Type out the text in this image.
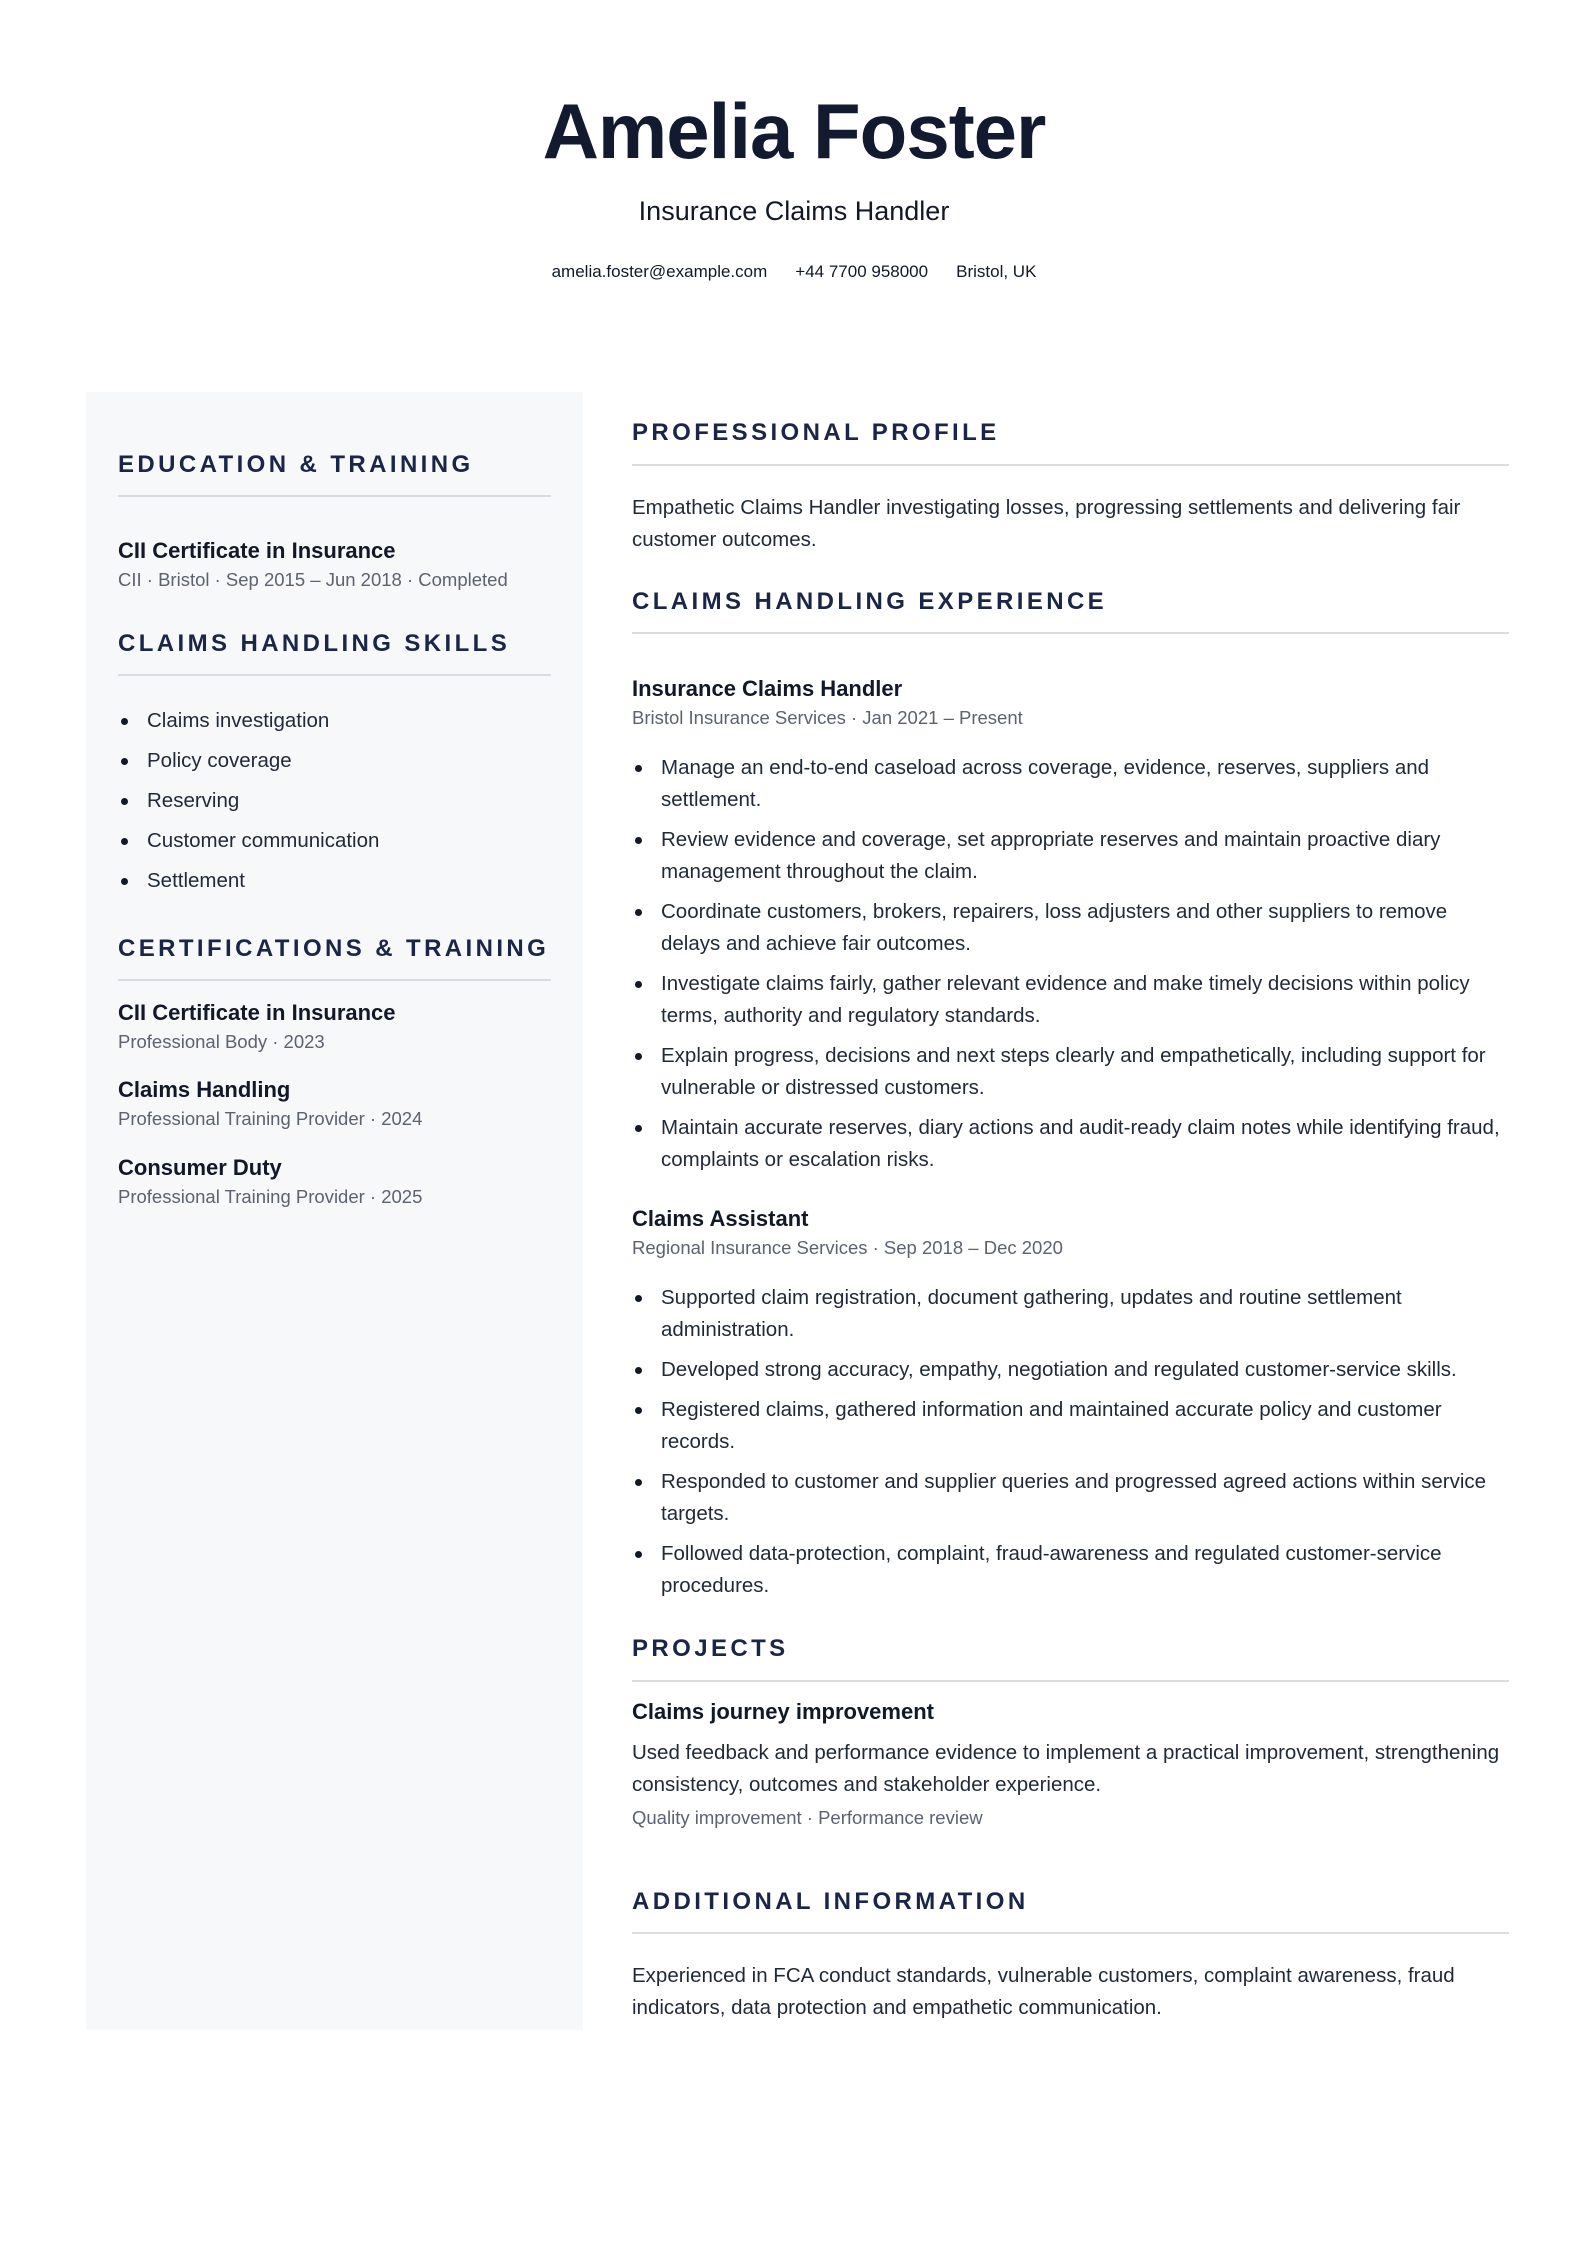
Amelia Foster
Insurance Claims Handler
amelia.foster@example.com +44 7700 958000 Bristol, UK
EDUCATION & TRAINING
CII Certificate in Insurance
CII · Bristol · Sep 2015 – Jun 2018 · Completed
CLAIMS HANDLING SKILLS
Claims investigation
Policy coverage
Reserving
Customer communication
Settlement
CERTIFICATIONS & TRAINING
CII Certificate in Insurance
Professional Body · 2023
Claims Handling
Professional Training Provider · 2024
Consumer Duty
Professional Training Provider · 2025
PROFESSIONAL PROFILE
Empathetic Claims Handler investigating losses, progressing settlements and delivering fair customer outcomes.
CLAIMS HANDLING EXPERIENCE
Insurance Claims Handler
Bristol Insurance Services · Jan 2021 – Present
Manage an end-to-end caseload across coverage, evidence, reserves, suppliers and settlement.
Review evidence and coverage, set appropriate reserves and maintain proactive diary management throughout the claim.
Coordinate customers, brokers, repairers, loss adjusters and other suppliers to remove delays and achieve fair outcomes.
Investigate claims fairly, gather relevant evidence and make timely decisions within policy terms, authority and regulatory standards.
Explain progress, decisions and next steps clearly and empathetically, including support for vulnerable or distressed customers.
Maintain accurate reserves, diary actions and audit-ready claim notes while identifying fraud, complaints or escalation risks.
Claims Assistant
Regional Insurance Services · Sep 2018 – Dec 2020
Supported claim registration, document gathering, updates and routine settlement administration.
Developed strong accuracy, empathy, negotiation and regulated customer-service skills.
Registered claims, gathered information and maintained accurate policy and customer records.
Responded to customer and supplier queries and progressed agreed actions within service targets.
Followed data-protection, complaint, fraud-awareness and regulated customer-service procedures.
PROJECTS
Claims journey improvement
Used feedback and performance evidence to implement a practical improvement, strengthening consistency, outcomes and stakeholder experience.
Quality improvement · Performance review
ADDITIONAL INFORMATION
Experienced in FCA conduct standards, vulnerable customers, complaint awareness, fraud indicators, data protection and empathetic communication.
